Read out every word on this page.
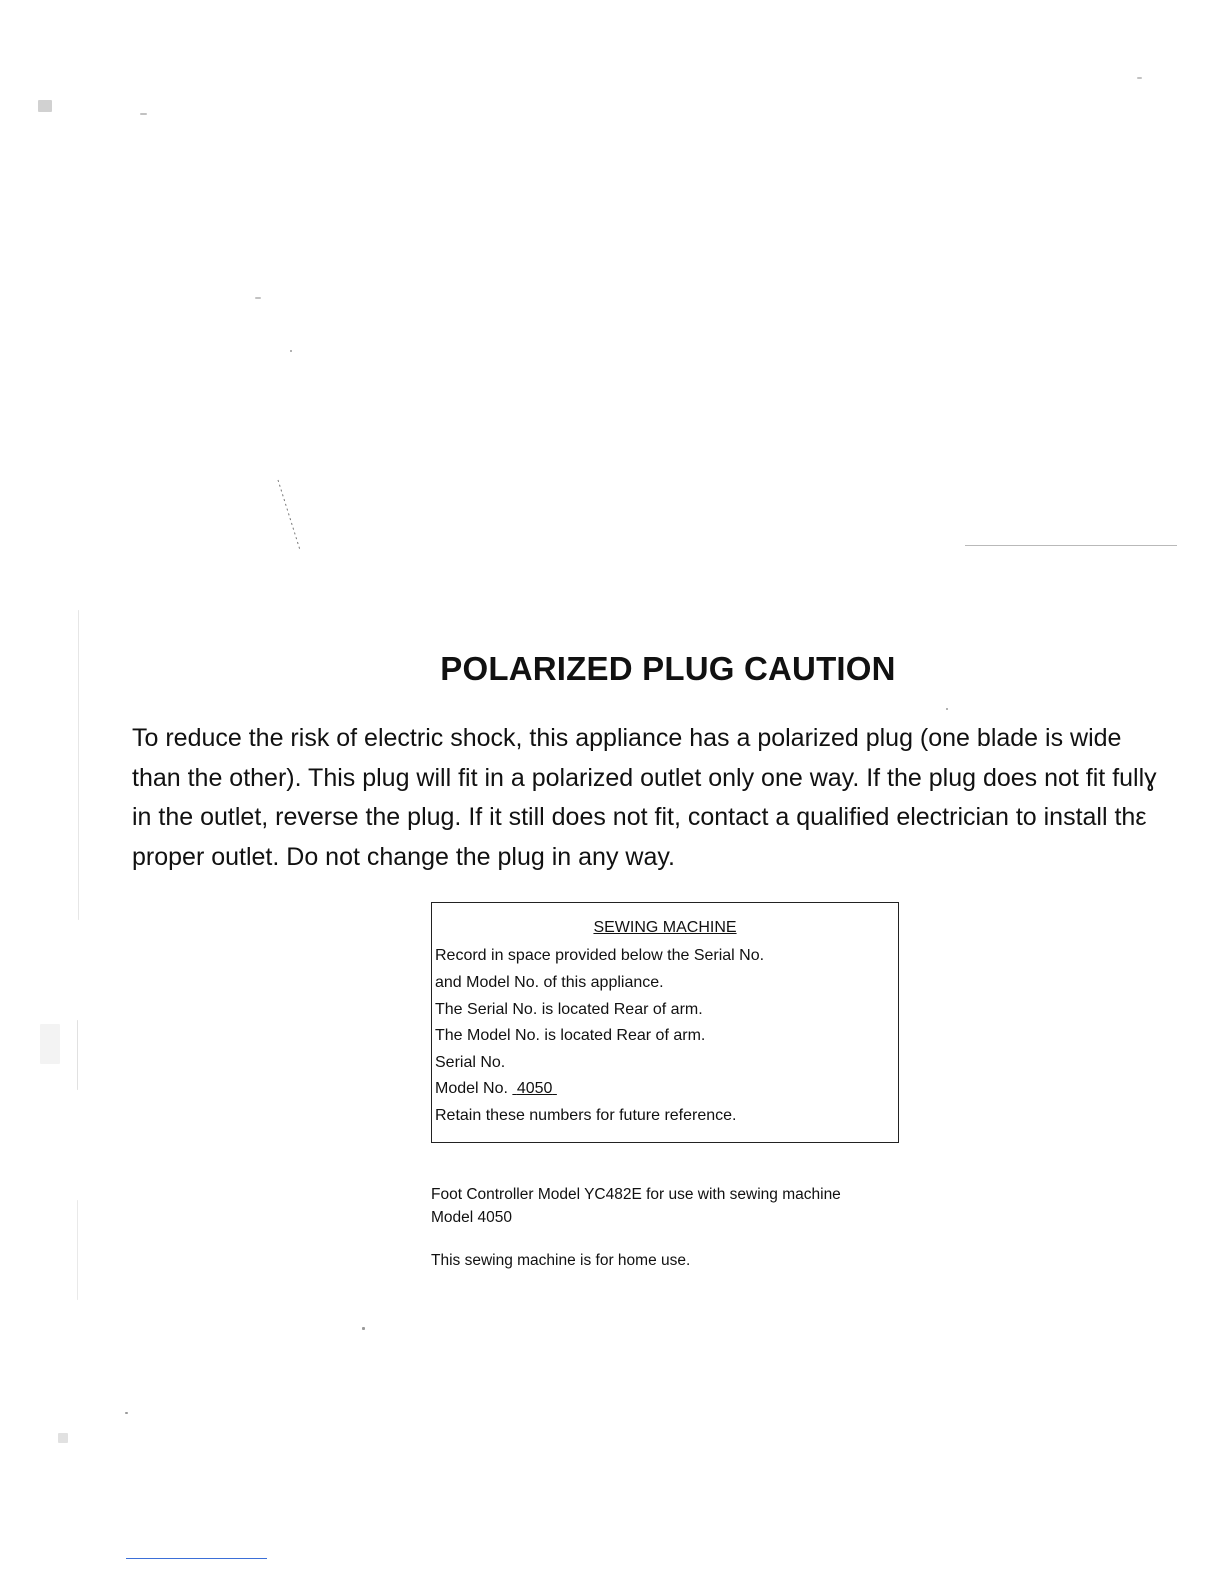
POLARIZED PLUG CAUTION
To reduce the risk of electric shock, this appliance has a polarized plug (one blade is wide
than the other). This plug will fit in a polarized outlet only one way. If the plug does not fit fullɣ
in the outlet, reverse the plug. If it still does not fit, contact a qualified electrician to install thε
proper outlet. Do not change the plug in any way.
SEWING MACHINE
Record in space provided below the Serial No.
and Model No. of this appliance.
The Serial No. is located Rear of arm.
The Model No. is located Rear of arm.
Serial No.
Model No. 4050
Retain these numbers for future reference.
Foot Controller Model YC482E for use with sewing machine
Model 4050
This sewing machine is for home use.
